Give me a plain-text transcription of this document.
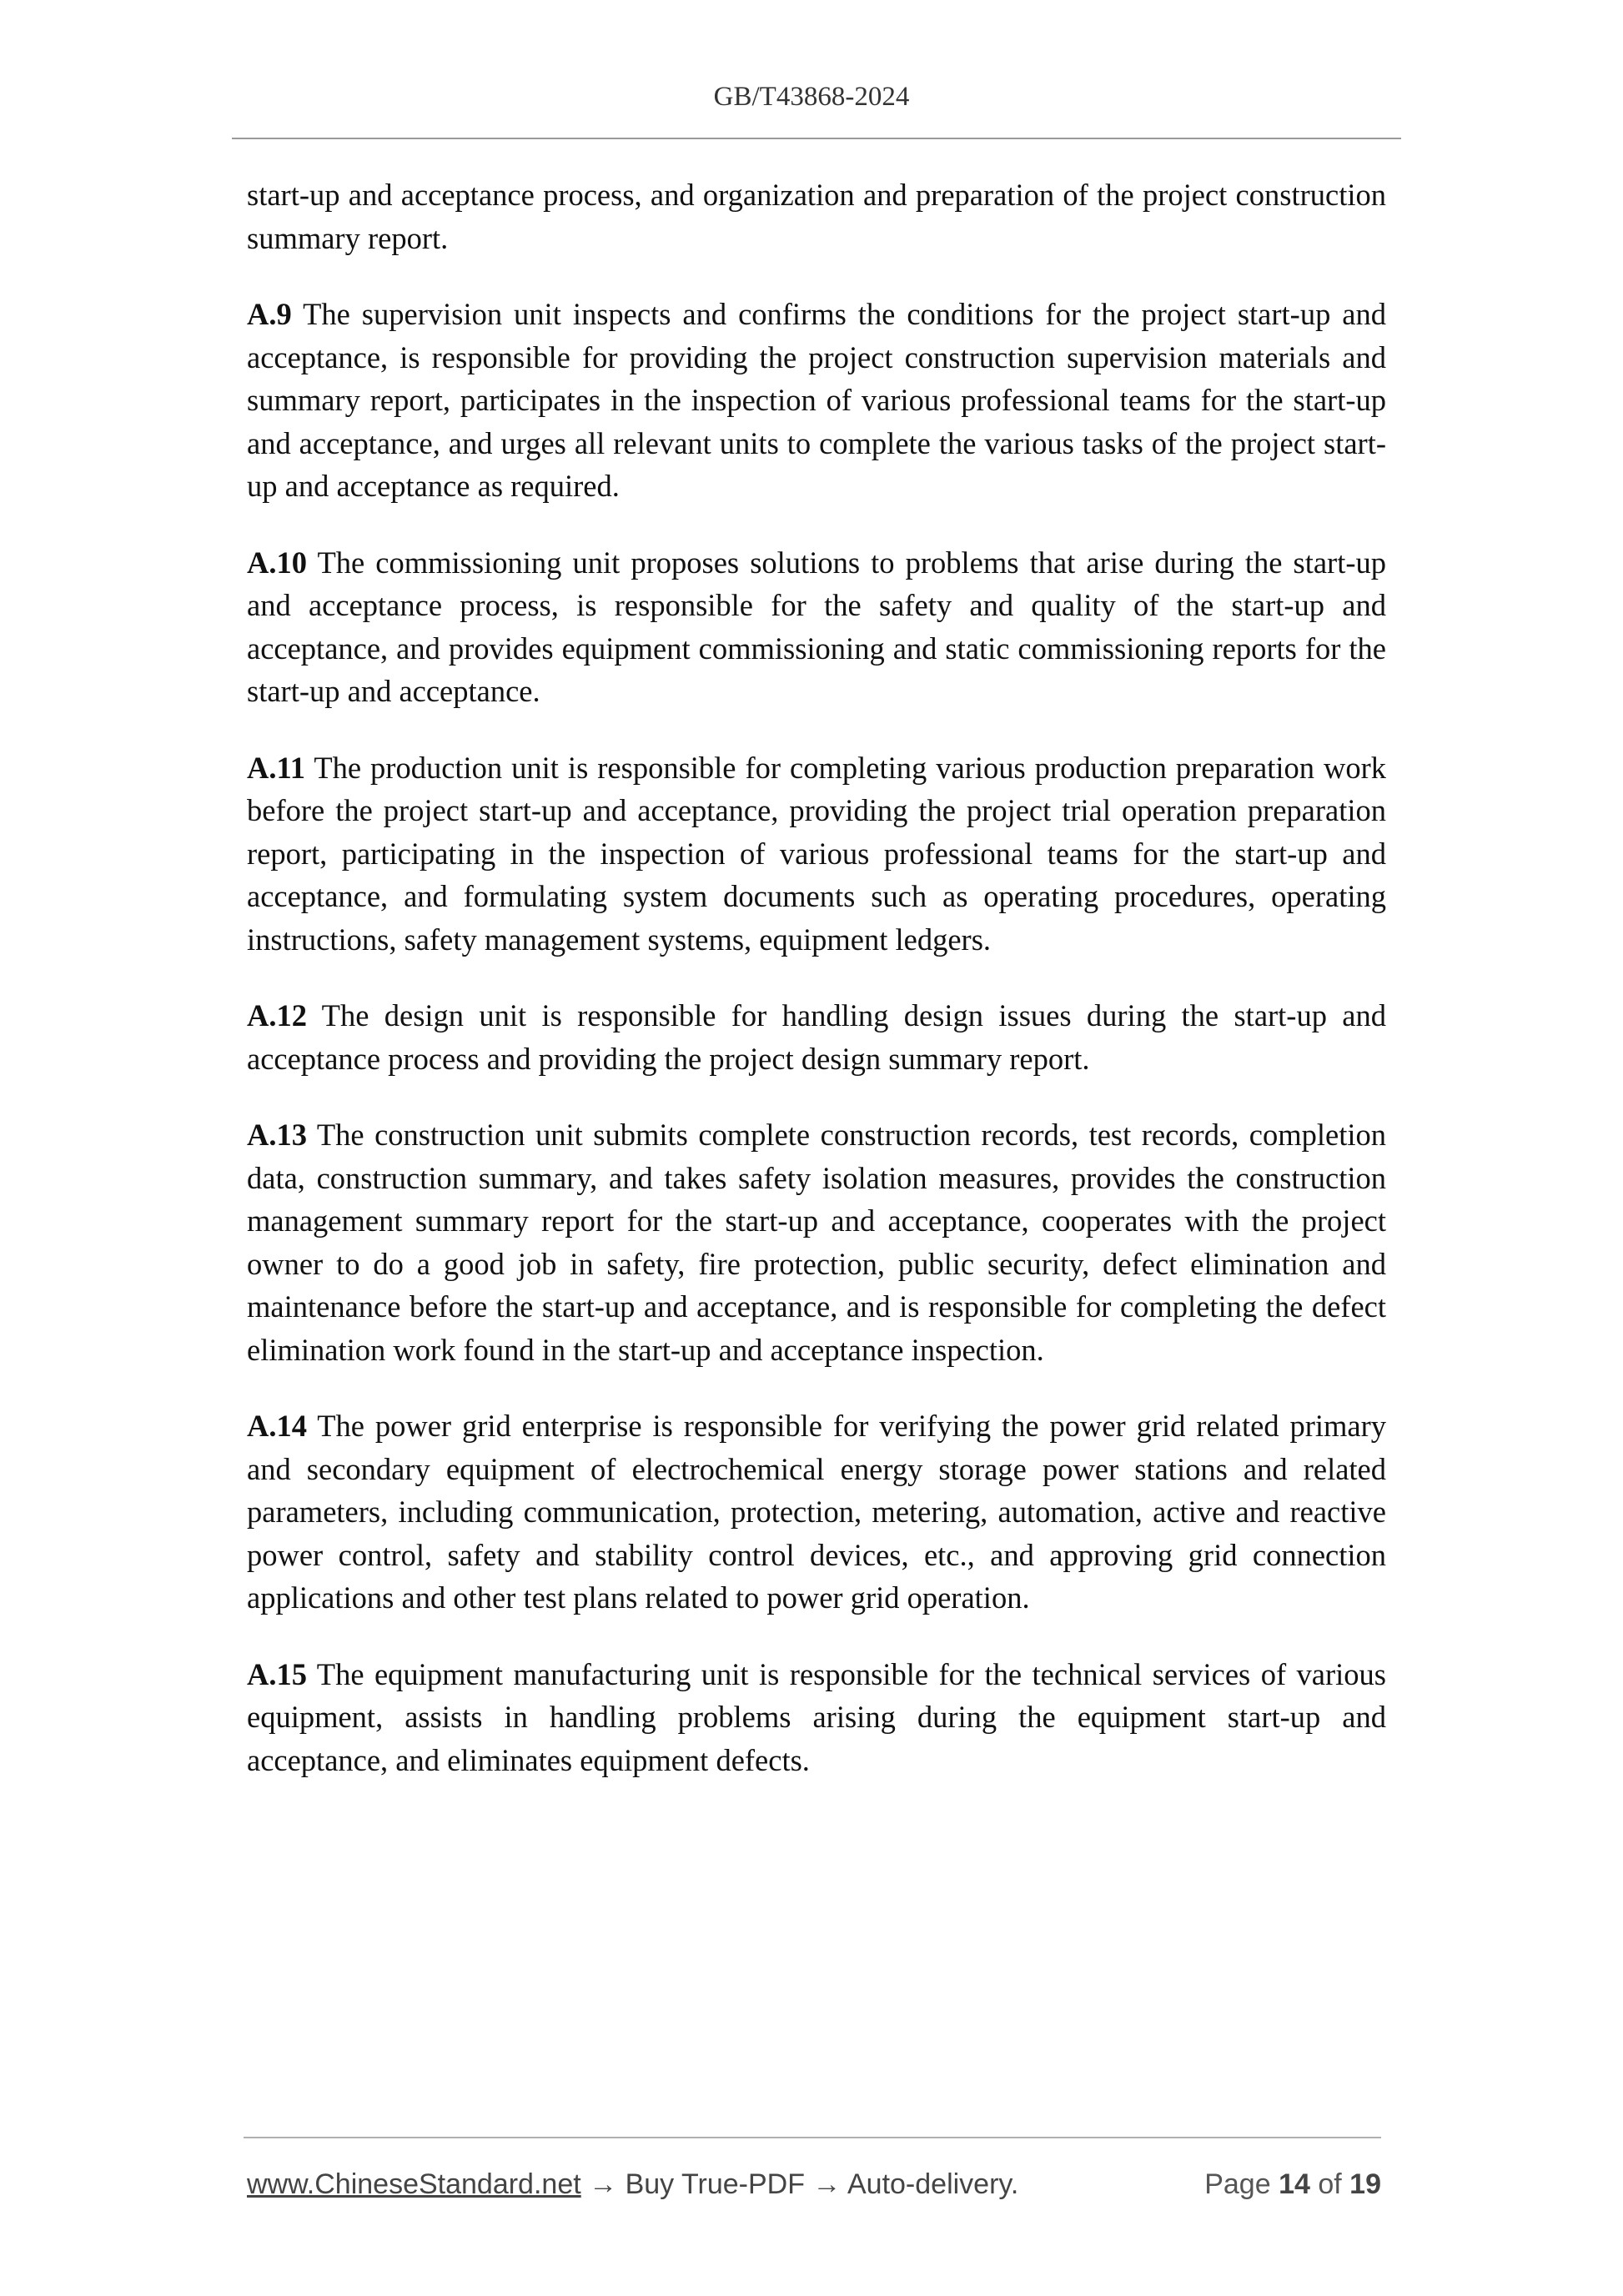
GB/T43868-2024

start-up and acceptance process, and organization and preparation of the project construction summary report.

A.9 The supervision unit inspects and confirms the conditions for the project start-up and acceptance, is responsible for providing the project construction supervision materials and summary report, participates in the inspection of various professional teams for the start-up and acceptance, and urges all relevant units to complete the various tasks of the project start-up and acceptance as required.

A.10 The commissioning unit proposes solutions to problems that arise during the start-up and acceptance process, is responsible for the safety and quality of the start-up and acceptance, and provides equipment commissioning and static commissioning reports for the start-up and acceptance.

A.11 The production unit is responsible for completing various production preparation work before the project start-up and acceptance, providing the project trial operation preparation report, participating in the inspection of various professional teams for the start-up and acceptance, and formulating system documents such as operating procedures, operating instructions, safety management systems, equipment ledgers.

A.12 The design unit is responsible for handling design issues during the start-up and acceptance process and providing the project design summary report.

A.13 The construction unit submits complete construction records, test records, completion data, construction summary, and takes safety isolation measures, provides the construction management summary report for the start-up and acceptance, cooperates with the project owner to do a good job in safety, fire protection, public security, defect elimination and maintenance before the start-up and acceptance, and is responsible for completing the defect elimination work found in the start-up and acceptance inspection.

A.14 The power grid enterprise is responsible for verifying the power grid related primary and secondary equipment of electrochemical energy storage power stations and related parameters, including communication, protection, metering, automation, active and reactive power control, safety and stability control devices, etc., and approving grid connection applications and other test plans related to power grid operation.

A.15 The equipment manufacturing unit is responsible for the technical services of various equipment, assists in handling problems arising during the equipment start-up and acceptance, and eliminates equipment defects.

www.ChineseStandard.net → Buy True-PDF → Auto-delivery.	Page 14 of 19
